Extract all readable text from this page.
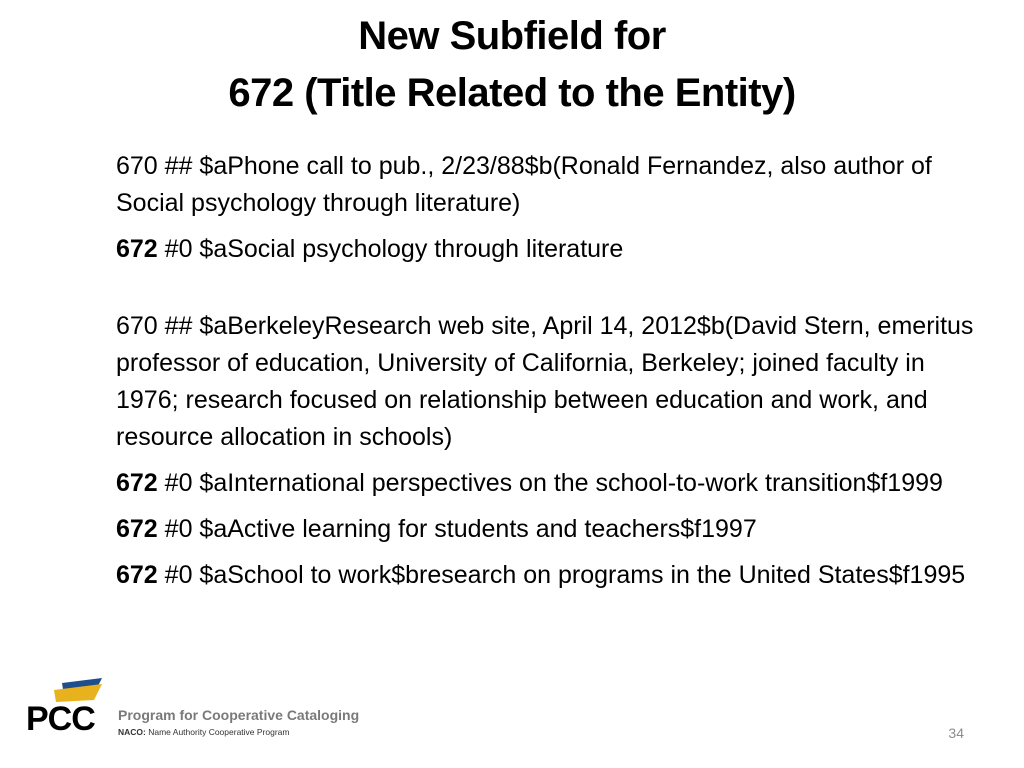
New Subfield for
672 (Title Related to the Entity)

670 ## $aPhone call to pub., 2/23/88$b(Ronald Fernandez, also author of Social psychology through literature)

672 #0 $aSocial psychology through literature

670 ## $aBerkeleyResearch web site, April 14, 2012$b(David Stern, emeritus professor of education, University of California, Berkeley; joined faculty in 1976; research focused on relationship between education and work, and resource allocation in schools)

672 #0 $aInternational perspectives on the school-to-work transition$f1999

672 #0 $aActive learning for students and teachers$f1997

672 #0 $aSchool to work$bresearch on programs in the United States$f1995

PCC Program for Cooperative Cataloging
NACO: Name Authority Cooperative Program	34
